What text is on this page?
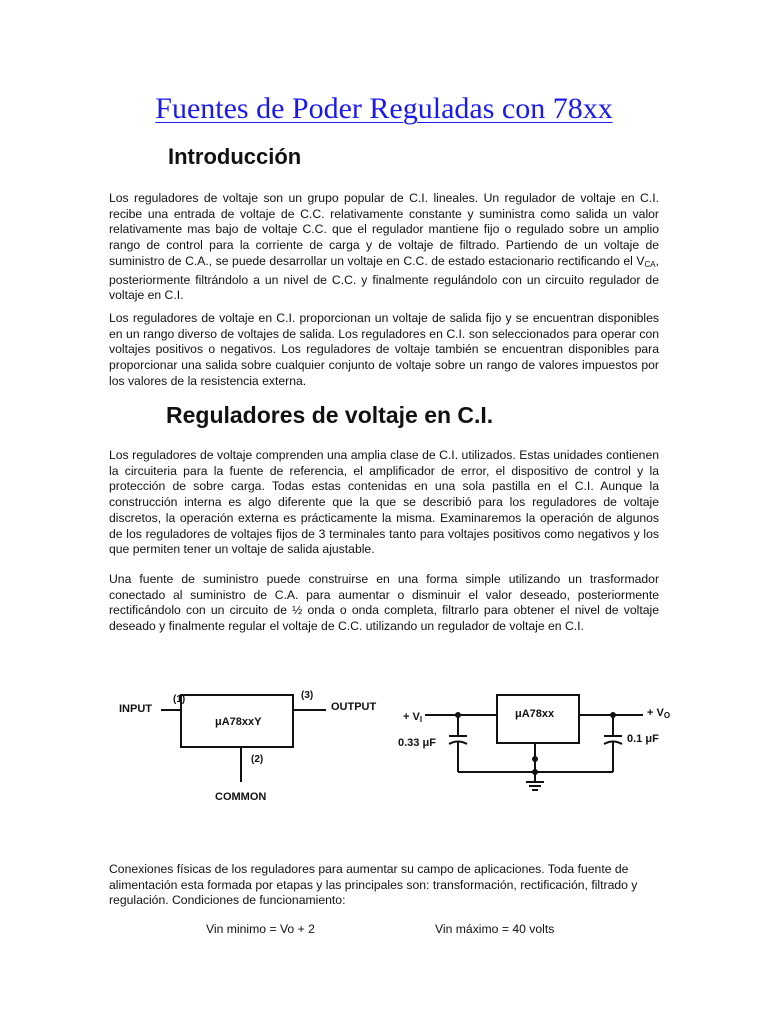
Fuentes de Poder Reguladas con 78xx
Introducción

Los reguladores de voltaje son un grupo popular de C.I. lineales. Un regulador de voltaje en C.I. recibe una entrada de voltaje de C.C. relativamente constante y suministra como salida un valor relativamente mas bajo de voltaje C.C. que el regulador mantiene fijo o regulado sobre un amplio rango de control para la corriente de carga y de voltaje de filtrado. Partiendo de un voltaje de suministro de C.A., se puede desarrollar un voltaje en C.C. de estado estacionario rectificando el $V_{CA}$, posteriormente filtrándolo a un nivel de C.C. y finalmente regulándolo con un circuito regulador de voltaje en C.I.

Los reguladores de voltaje en C.I. proporcionan un voltaje de salida fijo y se encuentran disponibles en un rango diverso de voltajes de salida. Los reguladores en C.I. son seleccionados para operar con voltajes positivos o negativos. Los reguladores de voltaje también se encuentran disponibles para proporcionar una salida sobre cualquier conjunto de voltaje sobre un rango de valores impuestos por los valores de la resistencia externa.

Reguladores de voltaje en C.I.

Los reguladores de voltaje comprenden una amplia clase de C.I. utilizados. Estas unidades contienen la circuiteria para la fuente de referencia, el amplificador de error, el dispositivo de control y la protección de sobre carga. Todas estas contenidas en una sola pastilla en el C.I. Aunque la construcción interna es algo diferente que la que se describió para los reguladores de voltaje discretos, la operación externa es prácticamente la misma. Examinaremos la operación de algunos de los reguladores de voltajes fijos de 3 terminales tanto para voltajes positivos como negativos y los que permiten tener un voltaje de salida ajustable.

Una fuente de suministro puede construirse en una forma simple utilizando un trasformador conectado al suministro de C.A. para aumentar o disminuir el valor deseado, posteriormente rectificándolo con un circuito de ½ onda o onda completa, filtrarlo para obtener el nivel de voltaje deseado y finalmente regular el voltaje de C.C. utilizando un regulador de voltaje en C.I.

INPUT
(1)
μA78xxY
(3)
OUTPUT
(2)
COMMON
+ VI	μA78xx	+ VO
0.33 μF	0.1 μF

Conexiones físicas de los reguladores para aumentar su campo de aplicaciones. Toda fuente de alimentación esta formada por etapas y las principales son: transformación, rectificación, filtrado y regulación. Condiciones de funcionamiento:

Vin minimo = Vo + 2	Vin máximo = 40 volts
